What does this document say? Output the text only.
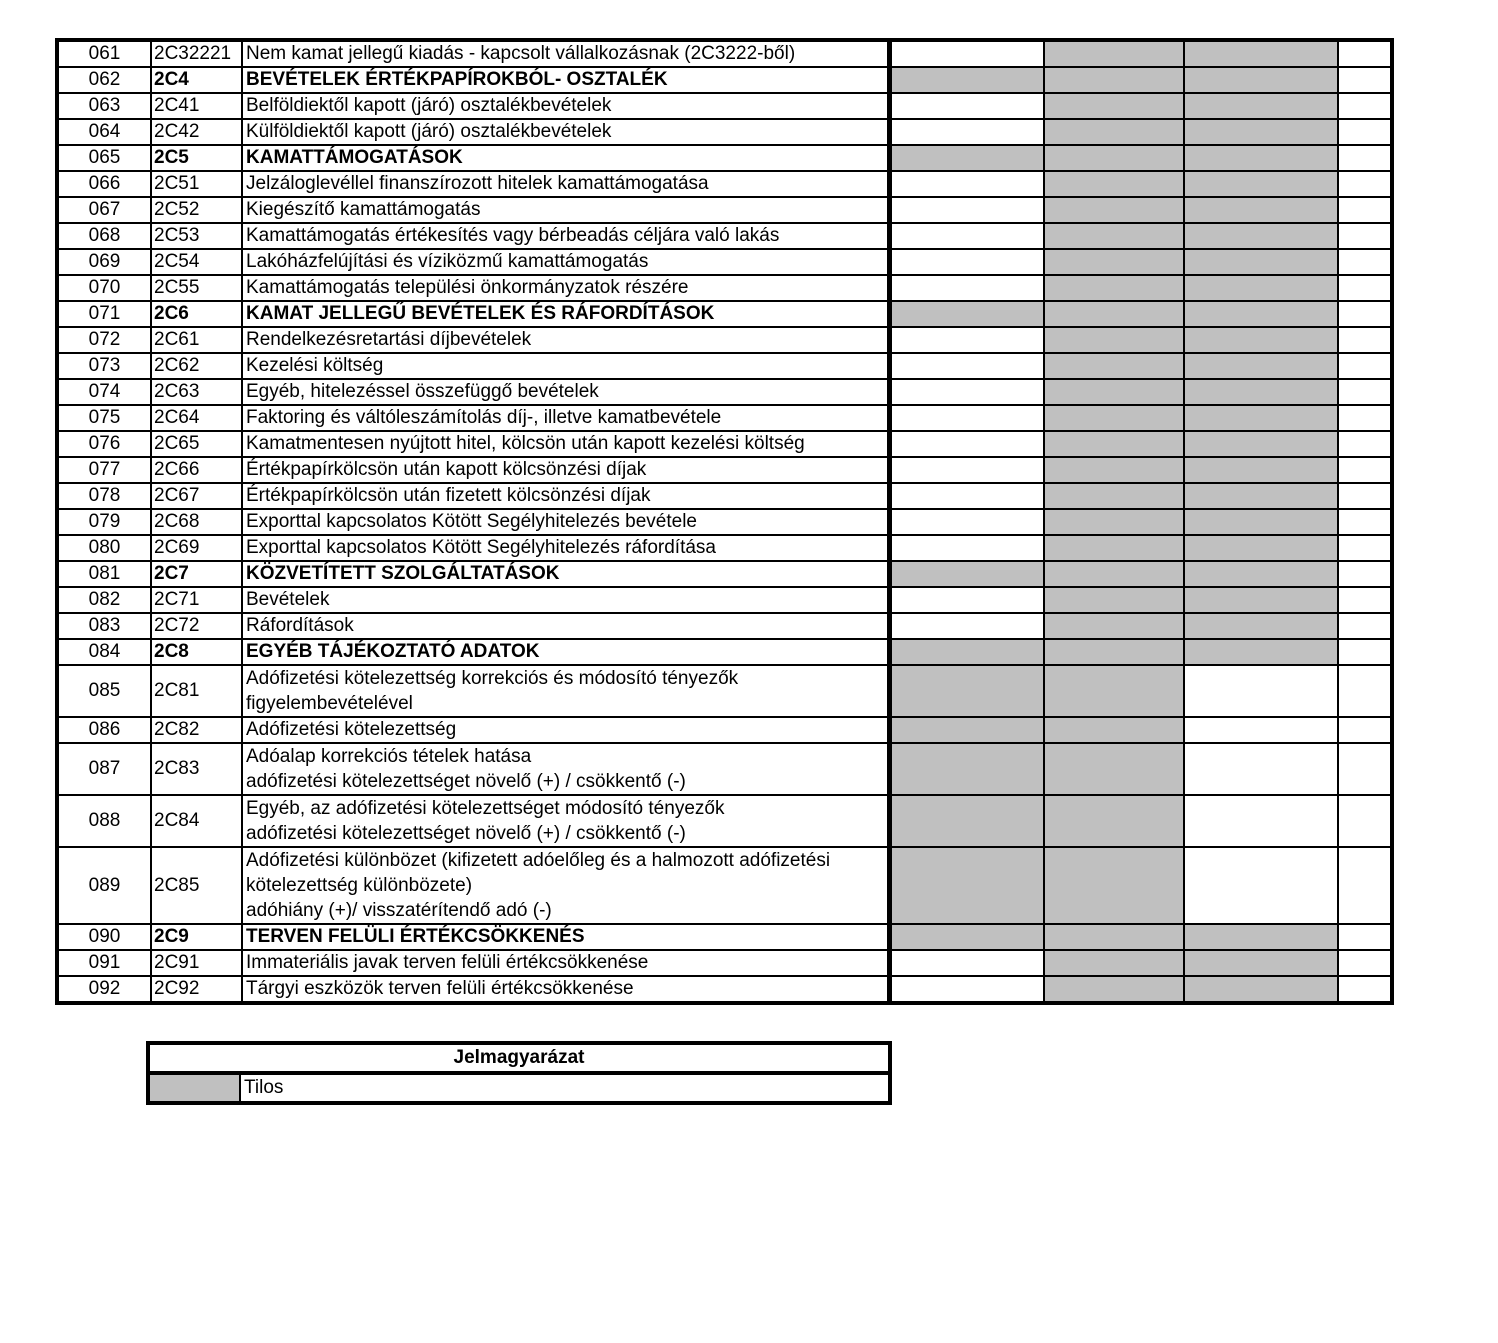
061	2C32221	Nem kamat jellegű kiadás - kapcsolt vállalkozásnak (2C3222-ből)				
062	2C4	BEVÉTELEK ÉRTÉKPAPÍROKBÓL- OSZTALÉK				
063	2C41	Belföldiektől kapott (járó) osztalékbevételek				
064	2C42	Külföldiektől kapott (járó) osztalékbevételek				
065	2C5	KAMATTÁMOGATÁSOK				
066	2C51	Jelzáloglevéllel finanszírozott hitelek kamattámogatása				
067	2C52	Kiegészítő kamattámogatás				
068	2C53	Kamattámogatás értékesítés vagy bérbeadás céljára való lakás				
069	2C54	Lakóházfelújítási és víziközmű kamattámogatás				
070	2C55	Kamattámogatás települési önkormányzatok részére				
071	2C6	KAMAT JELLEGŰ BEVÉTELEK ÉS RÁFORDÍTÁSOK				
072	2C61	Rendelkezésretartási díjbevételek				
073	2C62	Kezelési költség				
074	2C63	Egyéb, hitelezéssel összefüggő bevételek				
075	2C64	Faktoring és váltóleszámítolás díj-, illetve kamatbevétele				
076	2C65	Kamatmentesen nyújtott hitel, kölcsön után kapott kezelési költség				
077	2C66	Értékpapírkölcsön után kapott kölcsönzési díjak				
078	2C67	Értékpapírkölcsön után fizetett kölcsönzési díjak				
079	2C68	Exporttal kapcsolatos Kötött Segélyhitelezés bevétele				
080	2C69	Exporttal kapcsolatos Kötött Segélyhitelezés ráfordítása				
081	2C7	KÖZVETÍTETT SZOLGÁLTATÁSOK				
082	2C71	Bevételek				
083	2C72	Ráfordítások				
084	2C8	EGYÉB TÁJÉKOZTATÓ ADATOK				
085	2C81	Adófizetési kötelezettség korrekciós és módosító tényezők
figyelembevételével				
086	2C82	Adófizetési kötelezettség				
087	2C83	Adóalap korrekciós tételek hatása
adófizetési kötelezettséget növelő (+) / csökkentő (-)				
088	2C84	Egyéb, az adófizetési kötelezettséget módosító tényezők
adófizetési kötelezettséget növelő (+) / csökkentő (-)				
089	2C85	Adófizetési különbözet (kifizetett adóelőleg és a halmozott adófizetési
kötelezettség különbözete)
adóhiány (+)/ visszatérítendő adó (-)				
090	2C9	TERVEN FELÜLI ÉRTÉKCSÖKKENÉS				
091	2C91	Immateriális javak terven felüli értékcsökkenése				
092	2C92	Tárgyi eszközök terven felüli értékcsökkenése				
Jelmagyarázat
	Tilos
